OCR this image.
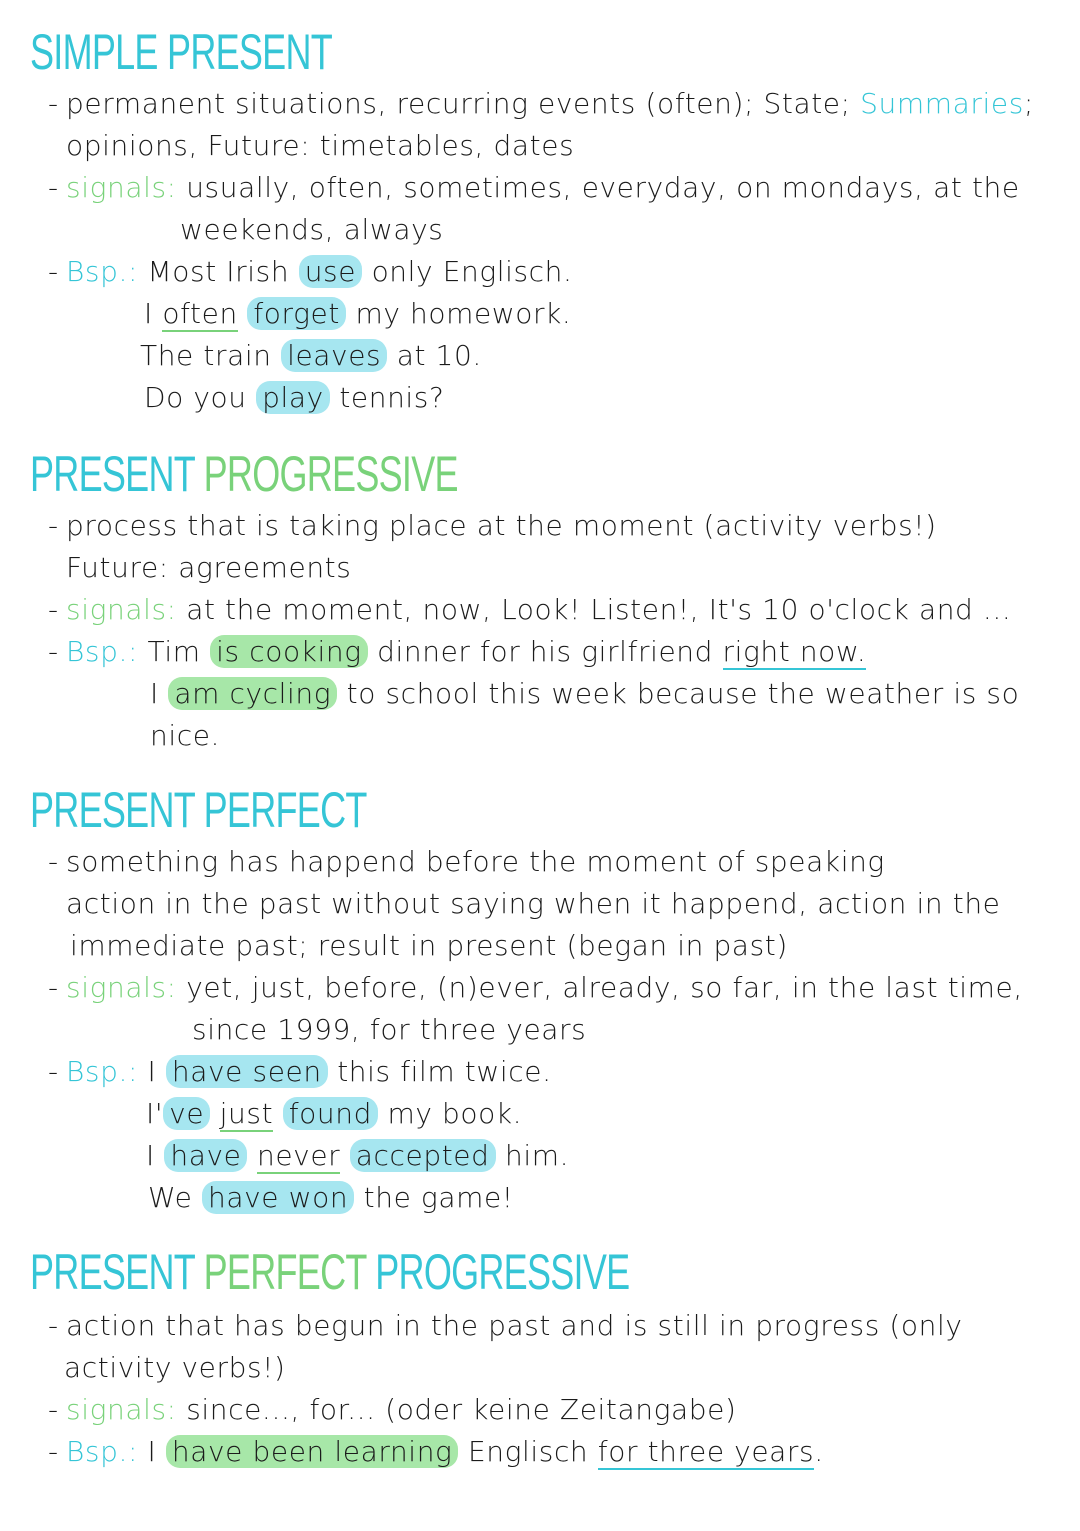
SIMPLE PRESENT
- permanent situations, recurring events (often); State; Summaries;
opinions, Future: timetables, dates
- signals: usually, often, sometimes, everyday, on mondays, at the
weekends, always
- Bsp.: Most Irish use only Englisch.
I often forget my homework.
The train leaves at 10.
Do you play tennis?
PRESENT PROGRESSIVE
- process that is taking place at the moment (activity verbs!)
Future: agreements
- signals: at the moment, now, Look! Listen!, It's 10 o'clock and ...
- Bsp.: Tim is cooking dinner for his girlfriend right now.
I am cycling to school this week because the weather is so
nice.
PRESENT PERFECT
- something has happend before the moment of speaking
action in the past without saying when it happend, action in the
immediate past; result in present (began in past)
- signals: yet, just, before, (n)ever, already, so far, in the last time,
since 1999, for three years
- Bsp.: I have seen this film twice.
I' ve just found my book.
I have never accepted him.
We have won the game!
PRESENT PERFECT PROGRESSIVE
- action that has begun in the past and is still in progress (only
activity verbs!)
- signals: since..., for... (oder keine Zeitangabe)
- Bsp.: I have been learning Englisch for three years.
